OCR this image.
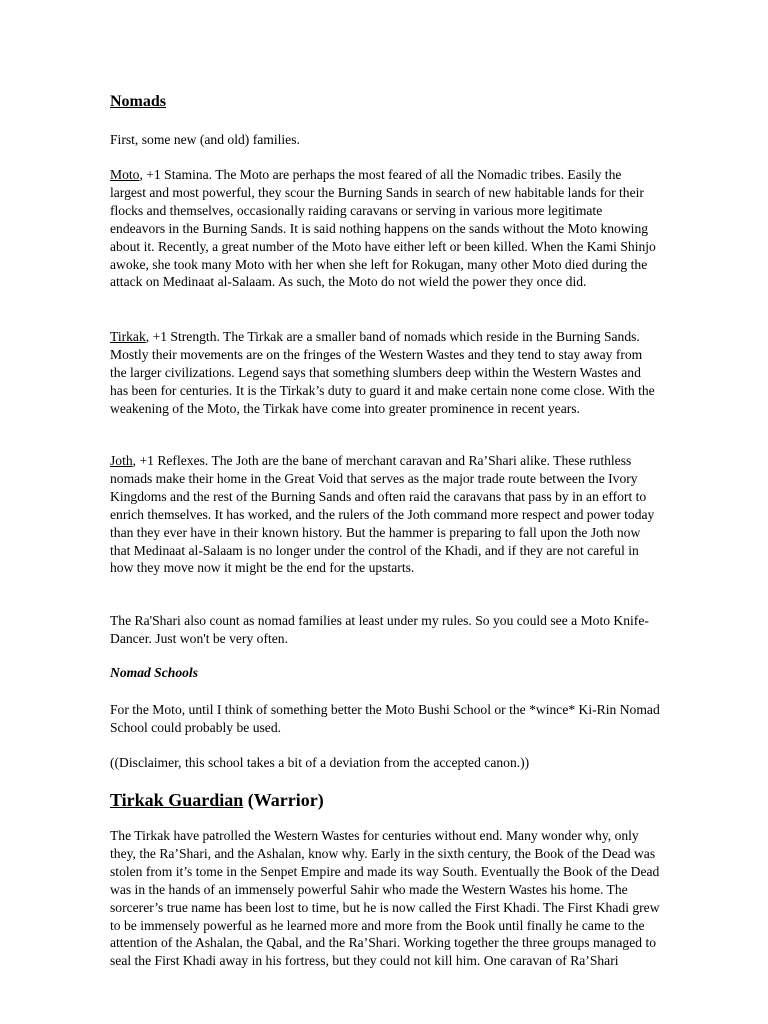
Nomads

First, some new (and old) families.

Moto, +1 Stamina. The Moto are perhaps the most feared of all the Nomadic tribes. Easily the largest and most powerful, they scour the Burning Sands in search of new habitable lands for their flocks and themselves, occasionally raiding caravans or serving in various more legitimate endeavors in the Burning Sands. It is said nothing happens on the sands without the Moto knowing about it. Recently, a great number of the Moto have either left or been killed. When the Kami Shinjo awoke, she took many Moto with her when she left for Rokugan, many other Moto died during the attack on Medinaat al-Salaam. As such, the Moto do not wield the power they once did.

Tirkak, +1 Strength. The Tirkak are a smaller band of nomads which reside in the Burning Sands. Mostly their movements are on the fringes of the Western Wastes and they tend to stay away from the larger civilizations. Legend says that something slumbers deep within the Western Wastes and has been for centuries. It is the Tirkak’s duty to guard it and make certain none come close. With the weakening of the Moto, the Tirkak have come into greater prominence in recent years.

Joth, +1 Reflexes. The Joth are the bane of merchant caravan and Ra’Shari alike. These ruthless nomads make their home in the Great Void that serves as the major trade route between the Ivory Kingdoms and the rest of the Burning Sands and often raid the caravans that pass by in an effort to enrich themselves. It has worked, and the rulers of the Joth command more respect and power today than they ever have in their known history. But the hammer is preparing to fall upon the Joth now that Medinaat al-Salaam is no longer under the control of the Khadi, and if they are not careful in how they move now it might be the end for the upstarts.

The Ra'Shari also count as nomad families at least under my rules. So you could see a Moto Knife-Dancer. Just won't be very often.

Nomad Schools

For the Moto, until I think of something better the Moto Bushi School or the *wince* Ki-Rin Nomad School could probably be used.

((Disclaimer, this school takes a bit of a deviation from the accepted canon.))

Tirkak Guardian (Warrior)

The Tirkak have patrolled the Western Wastes for centuries without end. Many wonder why, only they, the Ra’Shari, and the Ashalan, know why. Early in the sixth century, the Book of the Dead was stolen from it’s tome in the Senpet Empire and made its way South. Eventually the Book of the Dead was in the hands of an immensely powerful Sahir who made the Western Wastes his home. The sorcerer’s true name has been lost to time, but he is now called the First Khadi. The First Khadi grew to be immensely powerful as he learned more and more from the Book until finally he came to the attention of the Ashalan, the Qabal, and the Ra’Shari. Working together the three groups managed to seal the First Khadi away in his fortress, but they could not kill him. One caravan of Ra’Shari
